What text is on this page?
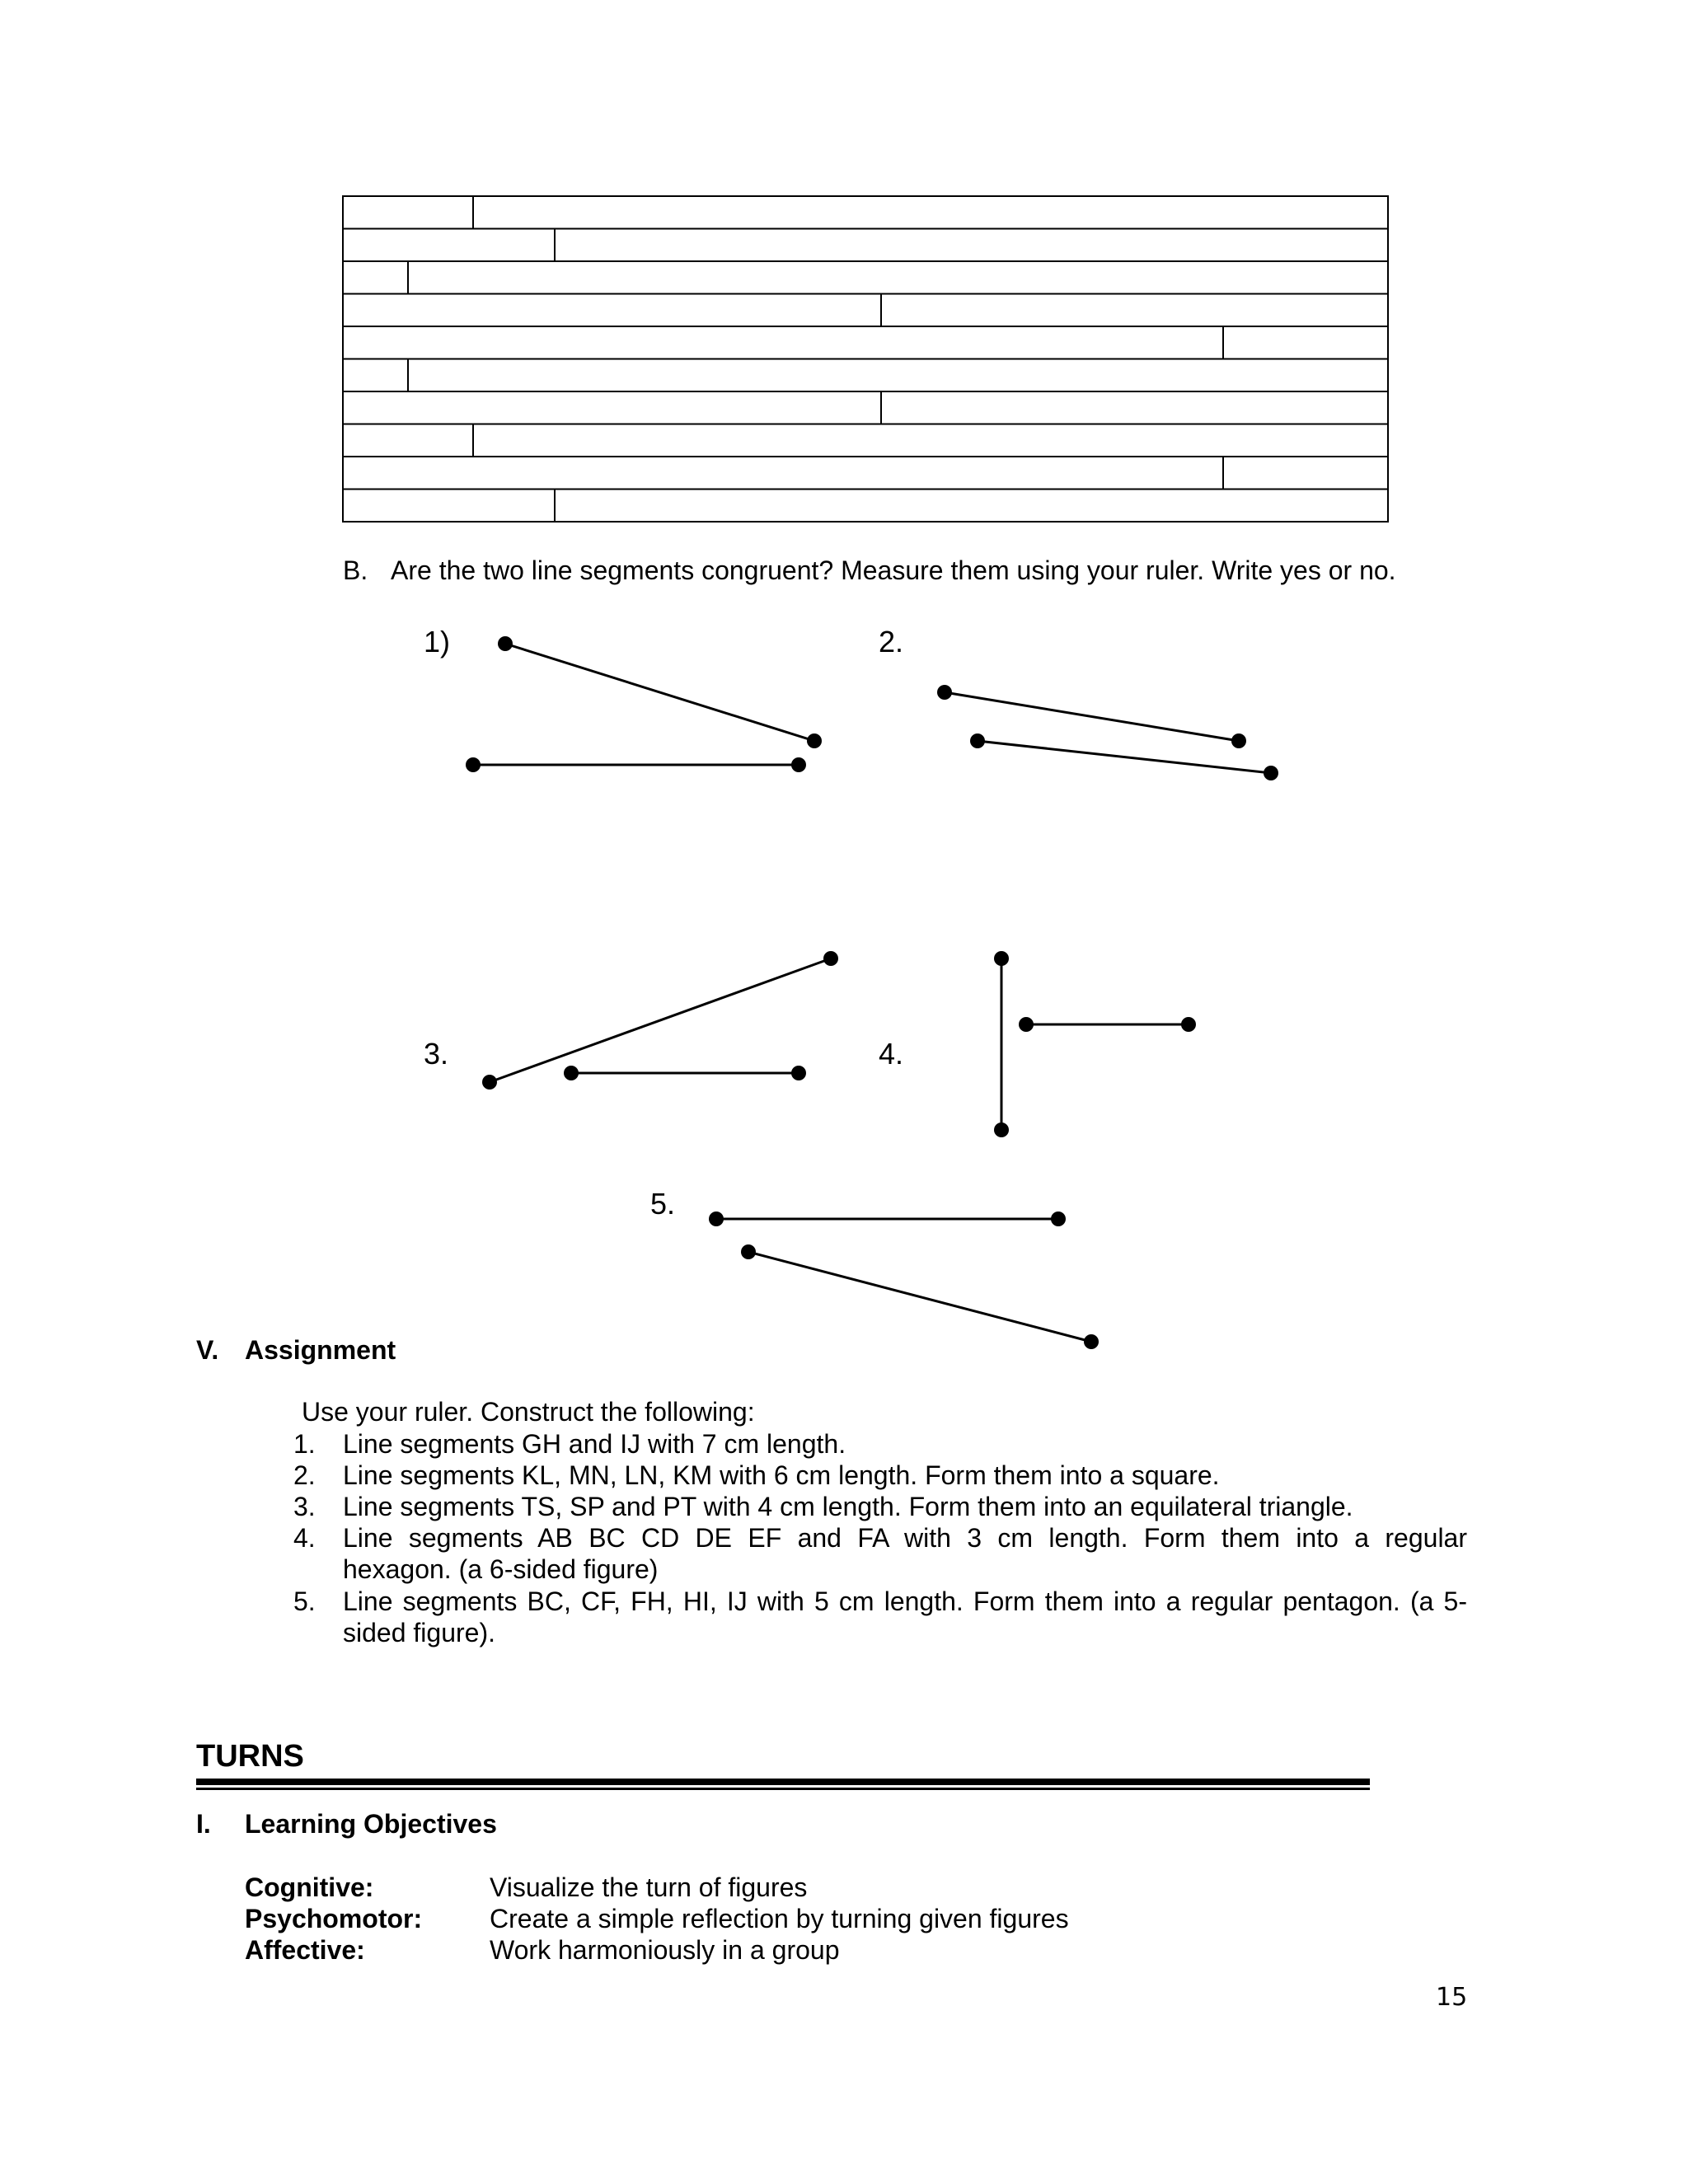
B. Are the two line segments congruent? Measure them using your ruler. Write yes or no.
1)	2.
3.	4.
5.
V. Assignment
Use your ruler. Construct the following:
1. Line segments GH and IJ with 7 cm length.
2. Line segments KL, MN, LN, KM with 6 cm length. Form them into a square.
3. Line segments TS, SP and PT with 4 cm length. Form them into an equilateral triangle.
4. Line segments AB BC CD DE EF and FA with 3 cm length. Form them into a regular
hexagon. (a 6-sided figure)
5. Line segments BC, CF, FH, HI, IJ with 5 cm length. Form them into a regular pentagon. (a 5-
sided figure).
TURNS
I. Learning Objectives
Cognitive:	Visualize the turn of figures
Psychomotor:	Create a simple reflection by turning given figures
Affective:	Work harmoniously in a group
15
